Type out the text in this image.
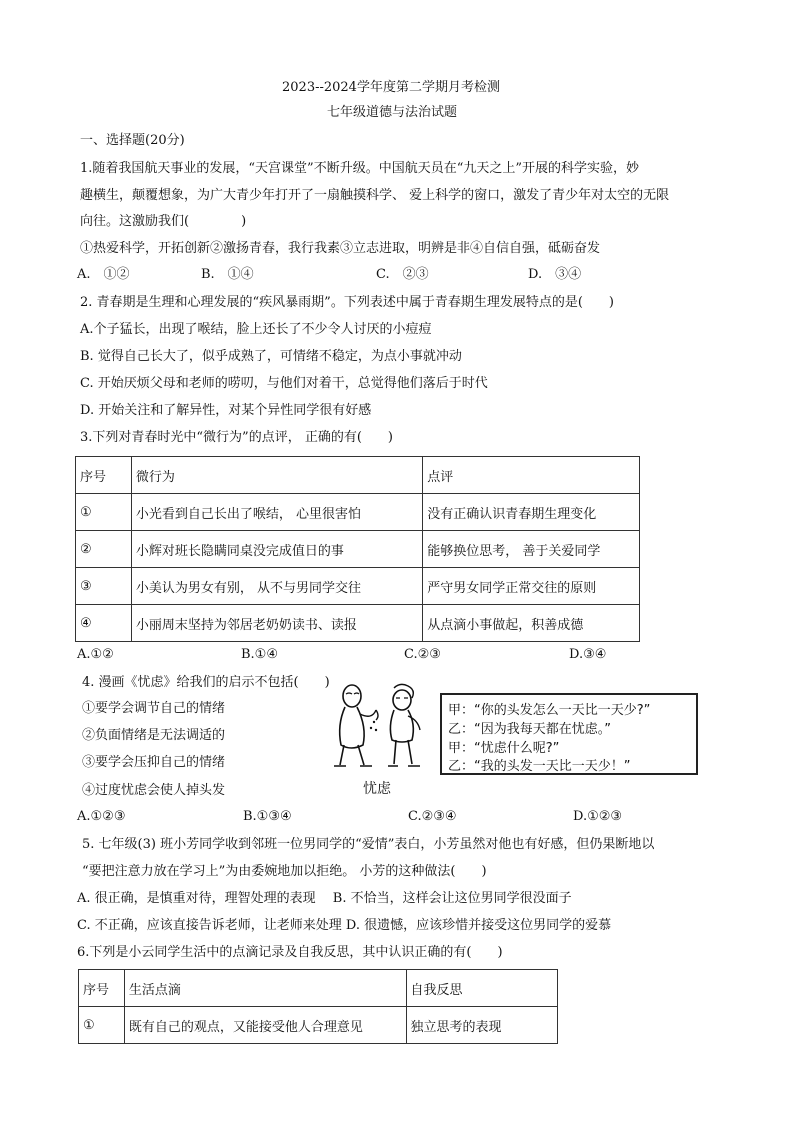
2023--2024学年度第二学期月考检测
七年级道德与法治试题
一、选择题(20分)
1.随着我国航天事业的发展，“天宫课堂”不断升级。中国航天员在“九天之上”开展的科学实验，妙
趣横生，颠覆想象，为广大青少年打开了一扇触摸科学、 爱上科学的窗口，激发了青少年对太空的无限
向往。这激励我们(　　　　)
①热爱科学，开拓创新②激扬青春，我行我素③立志进取，明辨是非④自信自强，砥砺奋发
A.　①②	B.　①④	C.　②③	D.　③④
2. 青春期是生理和心理发展的“疾风暴雨期”。下列表述中属于青春期生理发展特点的是(　　)
A.个子猛长，出现了喉结，脸上还长了不少令人讨厌的小痘痘
B. 觉得自己长大了，似乎成熟了，可情绪不稳定，为点小事就冲动
C. 开始厌烦父母和老师的唠叨，与他们对着干，总觉得他们落后于时代
D. 开始关注和了解异性，对某个异性同学很有好感
3.下列对青春时光中“微行为”的点评， 正确的有(　　)
序号	微行为	点评
①	小光看到自己长出了喉结， 心里很害怕	没有正确认识青春期生理变化
②	小辉对班长隐瞒同桌没完成值日的事	能够换位思考， 善于关爱同学
③	小美认为男女有别， 从不与男同学交往	严守男女同学正常交往的原则
④	小丽周末坚持为邻居老奶奶读书、读报	从点滴小事做起，积善成德
A.①②	B.①④	C.②③	D.③④
4. 漫画《忧虑》给我们的启示不包括(　　)
①要学会调节自己的情绪
②负面情绪是无法调适的
③要学会压抑自己的情绪
④过度忧虑会使人掉头发	忧虑
甲：“你的头发怎么一天比一天少?”
乙：“因为我每天都在忧虑。”
甲：“忧虑什么呢?”
乙：“我的头发一天比一天少！”
A.①②③	B.①③④	C.②③④	D.①②③
5. 七年级(3) 班小芳同学收到邻班一位男同学的“爱情”表白，小芳虽然对他也有好感，但仍果断地以
“要把注意力放在学习上”为由委婉地加以拒绝。 小芳的这种做法(　　)
A. 很正确，是慎重对待，理智处理的表现　 B. 不恰当，这样会让这位男同学很没面子
C. 不正确，应该直接告诉老师，让老师来处理 D. 很遗憾，应该珍惜并接受这位男同学的爱慕
6.下列是小云同学生活中的点滴记录及自我反思，其中认识正确的有(　　)
序号	生活点滴	自我反思
①	既有自己的观点，又能接受他人合理意见	独立思考的表现
